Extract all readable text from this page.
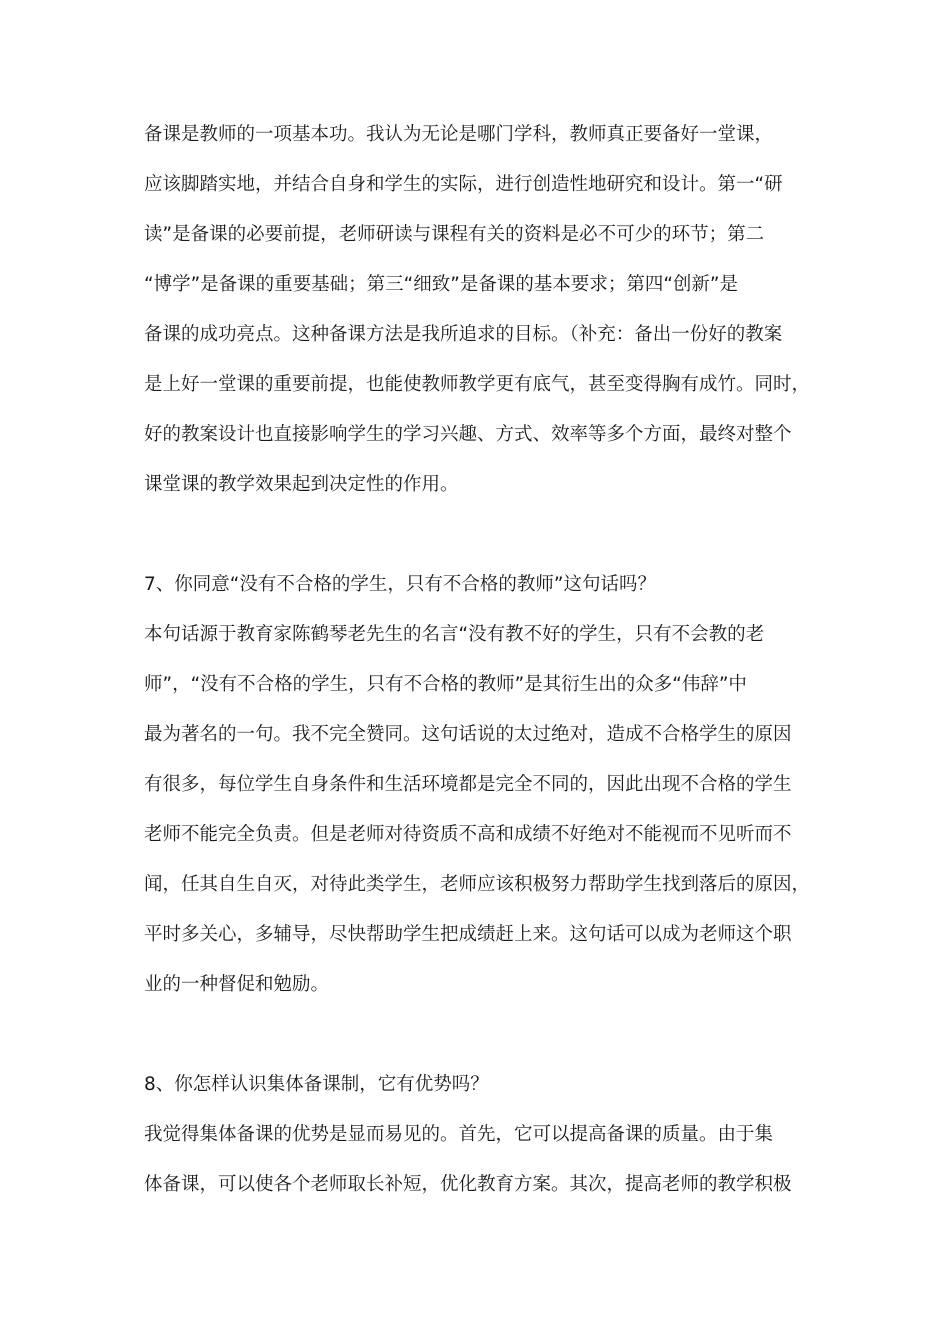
备课是教师的一项基本功。我认为无论是哪门学科，教师真正要备好一堂课，
应该脚踏实地，并结合自身和学生的实际，进行创造性地研究和设计。第一“研
读”是备课的必要前提，老师研读与课程有关的资料是必不可少的环节；第二
“博学”是备课的重要基础；第三“细致”是备课的基本要求；第四“创新”是
备课的成功亮点。这种备课方法是我所追求的目标。（补充：备出一份好的教案
是上好一堂课的重要前提，也能使教师教学更有底气，甚至变得胸有成竹。同时，
好的教案设计也直接影响学生的学习兴趣、方式、效率等多个方面，最终对整个
课堂课的教学效果起到决定性的作用。
7、你同意“没有不合格的学生，只有不合格的教师”这句话吗？
本句话源于教育家陈鹤琴老先生的名言“没有教不好的学生，只有不会教的老
师”，“没有不合格的学生，只有不合格的教师”是其衍生出的众多“伟辞”中
最为著名的一句。我不完全赞同。这句话说的太过绝对，造成不合格学生的原因
有很多，每位学生自身条件和生活环境都是完全不同的，因此出现不合格的学生
老师不能完全负责。但是老师对待资质不高和成绩不好绝对不能视而不见听而不
闻，任其自生自灭，对待此类学生，老师应该积极努力帮助学生找到落后的原因，
平时多关心，多辅导，尽快帮助学生把成绩赶上来。这句话可以成为老师这个职
业的一种督促和勉励。
8、你怎样认识集体备课制，它有优势吗？
我觉得集体备课的优势是显而易见的。首先，它可以提高备课的质量。由于集
体备课，可以使各个老师取长补短，优化教育方案。其次，提高老师的教学积极
